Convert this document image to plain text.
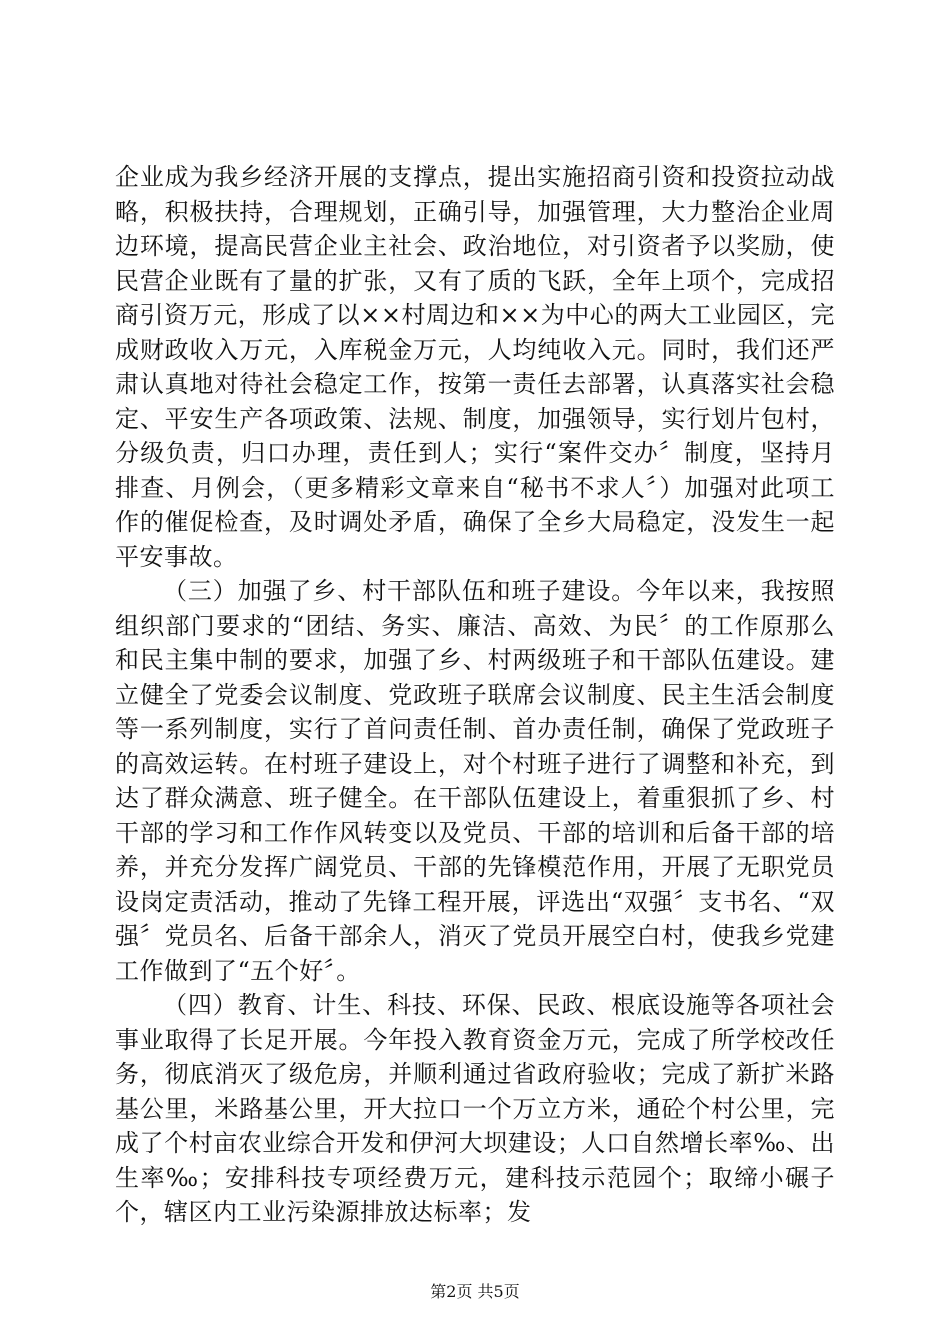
企业成为我乡经济开展的支撑点，提出实施招商引资和投资拉动战略，积极扶持，合理规划，正确引导，加强管理，大力整治企业周边环境，提高民营企业主社会、政治地位，对引资者予以奖励，使民营企业既有了量的扩张，又有了质的飞跃，全年上项个，完成招商引资万元，形成了以××村周边和××为中心的两大工业园区，完成财政收入万元，入库税金万元，人均纯收入元。同时，我们还严肃认真地对待社会稳定工作，按第一责任去部署，认真落实社会稳定、平安生产各项政策、法规、制度，加强领导，实行划片包村，分级负责，归口办理，责任到人；实行“案件交办〞制度，坚持月排查、月例会，（更多精彩文章来自“秘书不求人〞）加强对此项工作的催促检查，及时调处矛盾，确保了全乡大局稳定，没发生一起平安事故。

（三）加强了乡、村干部队伍和班子建设。今年以来，我按照组织部门要求的“团结、务实、廉洁、高效、为民〞的工作原那么和民主集中制的要求，加强了乡、村两级班子和干部队伍建设。建立健全了党委会议制度、党政班子联席会议制度、民主生活会制度等一系列制度，实行了首问责任制、首办责任制，确保了党政班子的高效运转。在村班子建设上，对个村班子进行了调整和补充，到达了群众满意、班子健全。在干部队伍建设上，着重狠抓了乡、村干部的学习和工作作风转变以及党员、干部的培训和后备干部的培养，并充分发挥广阔党员、干部的先锋模范作用，开展了无职党员设岗定责活动，推动了先锋工程开展，评选出“双强〞支书名、“双强〞党员名、后备干部余人，消灭了党员开展空白村，使我乡党建工作做到了“五个好〞。

（四）教育、计生、科技、环保、民政、根底设施等各项社会事业取得了长足开展。今年投入教育资金万元，完成了所学校改任务，彻底消灭了级危房，并顺利通过省政府验收；完成了新扩米路基公里，米路基公里，开大拉口一个万立方米，通砼个村公里，完成了个村亩农业综合开发和伊河大坝建设；人口自然增长率‰、出生率‰；安排科技专项经费万元，建科技示范园个；取缔小碾子个，辖区内工业污染源排放达标率；发

第2页 共5页
